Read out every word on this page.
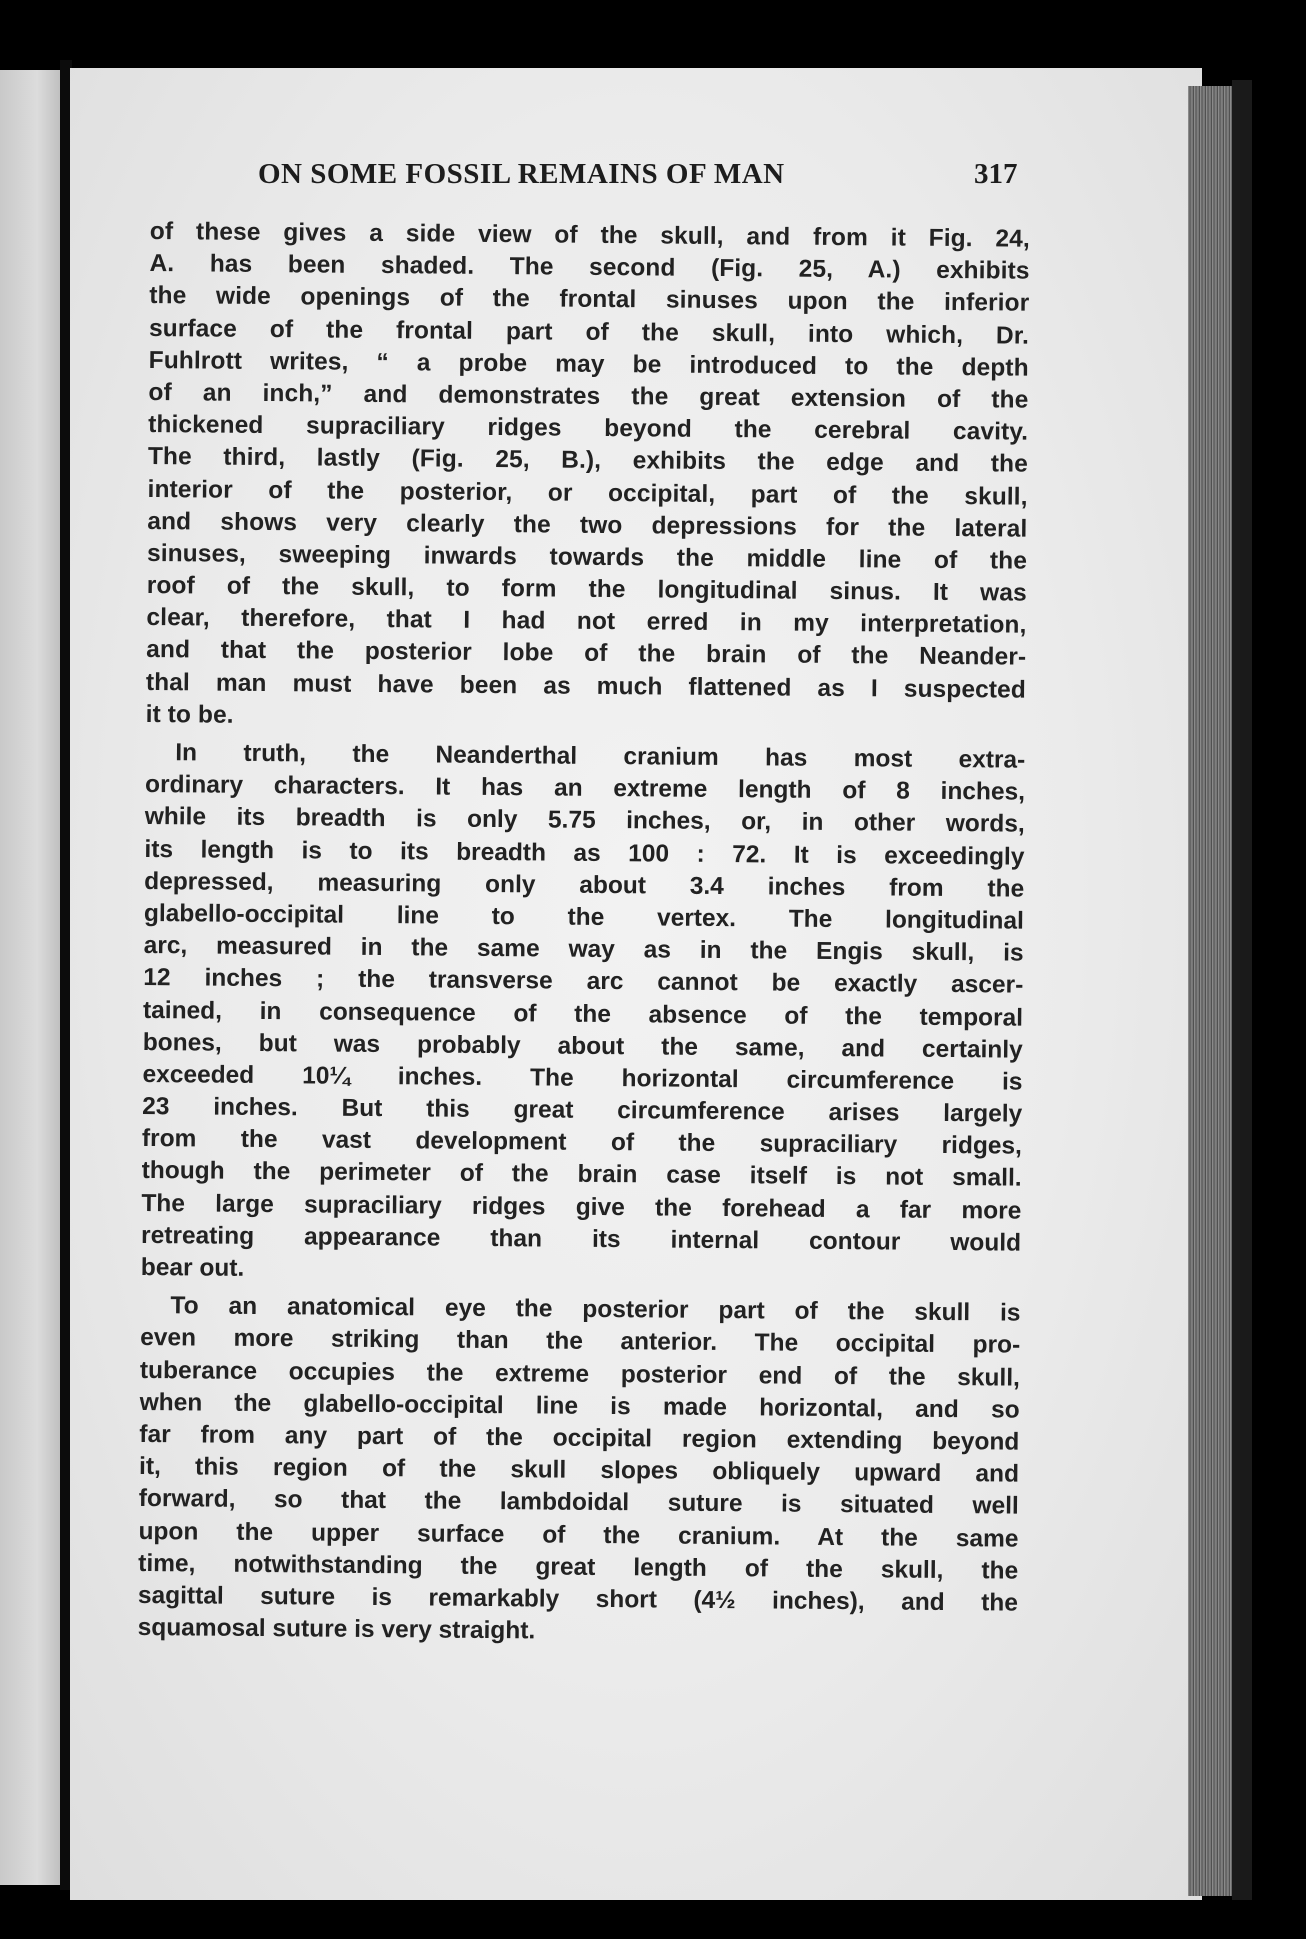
ON SOME FOSSIL REMAINS OF MAN	317
of these gives a side view of the skull, and from it Fig. 24,
A. has been shaded. The second (Fig. 25, A.) exhibits
the wide openings of the frontal sinuses upon the inferior
surface of the frontal part of the skull, into which, Dr.
Fuhlrott writes, “ a probe may be introduced to the depth
of an inch,” and demonstrates the great extension of the
thickened supraciliary ridges beyond the cerebral cavity.
The third, lastly (Fig. 25, B.), exhibits the edge and the
interior of the posterior, or occipital, part of the skull,
and shows very clearly the two depressions for the lateral
sinuses, sweeping inwards towards the middle line of the
roof of the skull, to form the longitudinal sinus. It was
clear, therefore, that I had not erred in my interpretation,
and that the posterior lobe of the brain of the Neander-
thal man must have been as much flattened as I suspected
it to be.
In truth, the Neanderthal cranium has most extra-
ordinary characters. It has an extreme length of 8 inches,
while its breadth is only 5.75 inches, or, in other words,
its length is to its breadth as 100 : 72. It is exceedingly
depressed, measuring only about 3.4 inches from the
glabello-occipital line to the vertex. The longitudinal
arc, measured in the same way as in the Engis skull, is
12 inches ; the transverse arc cannot be exactly ascer-
tained, in consequence of the absence of the temporal
bones, but was probably about the same, and certainly
exceeded 10¼ inches. The horizontal circumference is
23 inches. But this great circumference arises largely
from the vast development of the supraciliary ridges,
though the perimeter of the brain case itself is not small.
The large supraciliary ridges give the forehead a far more
retreating appearance than its internal contour would
bear out.
To an anatomical eye the posterior part of the skull is
even more striking than the anterior. The occipital pro-
tuberance occupies the extreme posterior end of the skull,
when the glabello-occipital line is made horizontal, and so
far from any part of the occipital region extending beyond
it, this region of the skull slopes obliquely upward and
forward, so that the lambdoidal suture is situated well
upon the upper surface of the cranium. At the same
time, notwithstanding the great length of the skull, the
sagittal suture is remarkably short (4½ inches), and the
squamosal suture is very straight.
